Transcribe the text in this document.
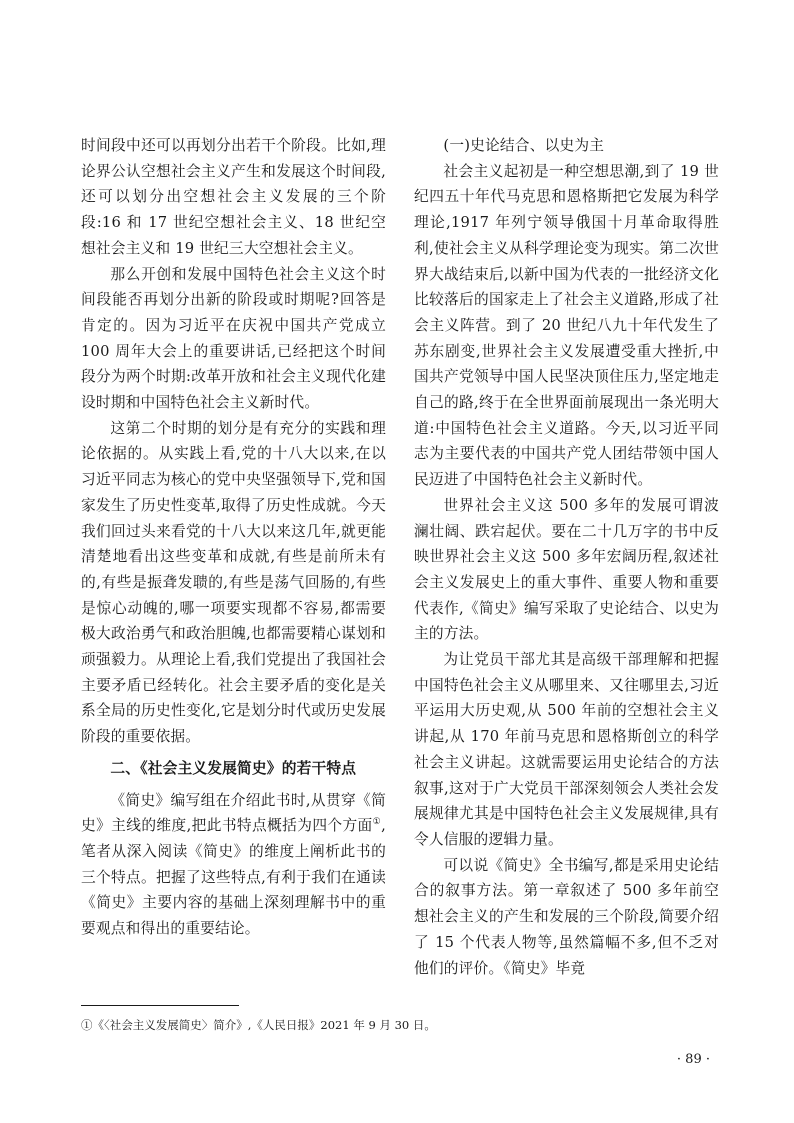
时间段中还可以再划分出若干个阶段。比如,理论界公认空想社会主义产生和发展这个时间段,还可以划分出空想社会主义发展的三个阶段:16 和 17 世纪空想社会主义、18 世纪空想社会主义和 19 世纪三大空想社会主义。

那么开创和发展中国特色社会主义这个时间段能否再划分出新的阶段或时期呢?回答是肯定的。因为习近平在庆祝中国共产党成立 100 周年大会上的重要讲话,已经把这个时间段分为两个时期:改革开放和社会主义现代化建设时期和中国特色社会主义新时代。

这第二个时期的划分是有充分的实践和理论依据的。从实践上看,党的十八大以来,在以习近平同志为核心的党中央坚强领导下,党和国家发生了历史性变革,取得了历史性成就。今天我们回过头来看党的十八大以来这几年,就更能清楚地看出这些变革和成就,有些是前所未有的,有些是振聋发聩的,有些是荡气回肠的,有些是惊心动魄的,哪一项要实现都不容易,都需要极大政治勇气和政治胆魄,也都需要精心谋划和顽强毅力。从理论上看,我们党提出了我国社会主要矛盾已经转化。社会主要矛盾的变化是关系全局的历史性变化,它是划分时代或历史发展阶段的重要依据。

二、《社会主义发展简史》的若干特点

《简史》编写组在介绍此书时,从贯穿《简史》主线的维度,把此书特点概括为四个方面①,笔者从深入阅读《简史》的维度上阐析此书的三个特点。把握了这些特点,有利于我们在通读《简史》主要内容的基础上深刻理解书中的重要观点和得出的重要结论。

(一)史论结合、以史为主

社会主义起初是一种空想思潮,到了 19 世纪四五十年代马克思和恩格斯把它发展为科学理论,1917 年列宁领导俄国十月革命取得胜利,使社会主义从科学理论变为现实。第二次世界大战结束后,以新中国为代表的一批经济文化比较落后的国家走上了社会主义道路,形成了社会主义阵营。到了 20 世纪八九十年代发生了苏东剧变,世界社会主义发展遭受重大挫折,中国共产党领导中国人民坚决顶住压力,坚定地走自己的路,终于在全世界面前展现出一条光明大道:中国特色社会主义道路。今天,以习近平同志为主要代表的中国共产党人团结带领中国人民迈进了中国特色社会主义新时代。

世界社会主义这 500 多年的发展可谓波澜壮阔、跌宕起伏。要在二十几万字的书中反映世界社会主义这 500 多年宏阔历程,叙述社会主义发展史上的重大事件、重要人物和重要代表作,《简史》编写采取了史论结合、以史为主的方法。

为让党员干部尤其是高级干部理解和把握中国特色社会主义从哪里来、又往哪里去,习近平运用大历史观,从 500 年前的空想社会主义讲起,从 170 年前马克思和恩格斯创立的科学社会主义讲起。这就需要运用史论结合的方法叙事,这对于广大党员干部深刻领会人类社会发展规律尤其是中国特色社会主义发展规律,具有令人信服的逻辑力量。

可以说《简史》全书编写,都是采用史论结合的叙事方法。第一章叙述了 500 多年前空想社会主义的产生和发展的三个阶段,简要介绍了 15 个代表人物等,虽然篇幅不多,但不乏对他们的评价。《简史》毕竟

①《〈社会主义发展简史〉简介》,《人民日报》2021 年 9 月 30 日。

· 89 ·
